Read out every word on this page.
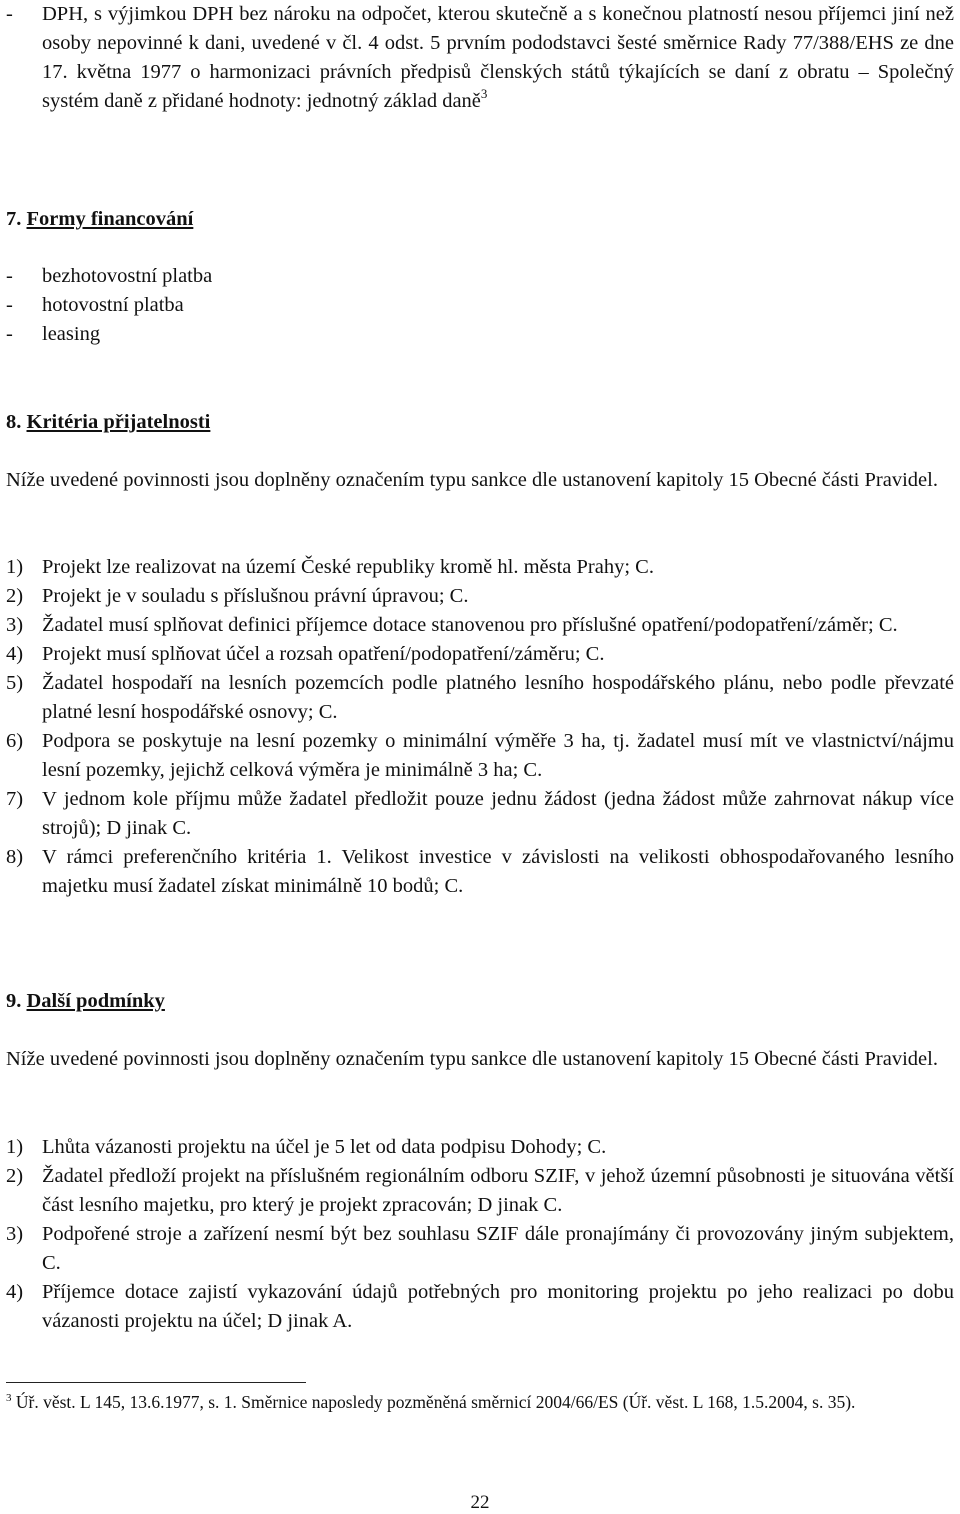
-	DPH, s výjimkou DPH bez nároku na odpočet, kterou skutečně a s konečnou platností nesou příjemci jiní než osoby nepovinné k dani, uvedené v čl. 4 odst. 5 prvním pododstavci šesté směrnice Rady 77/388/EHS ze dne 17. května 1977 o harmonizaci právních předpisů členských států týkajících se daní z obratu – Společný systém daně z přidané hodnoty: jednotný základ daně$^3$
7. Formy financování
-	bezhotovostní platba
-	hotovostní platba
-	leasing
8. Kritéria přijatelnosti
Níže uvedené povinnosti jsou doplněny označením typu sankce dle ustanovení kapitoly 15 Obecné části Pravidel.
1) Projekt lze realizovat na území České republiky kromě hl. města Prahy; C.
2) Projekt je v souladu s příslušnou právní úpravou; C.
3) Žadatel musí splňovat definici příjemce dotace stanovenou pro příslušné opatření/podopatření/záměr; C.
4) Projekt musí splňovat účel a rozsah opatření/podopatření/záměru; C.
5) Žadatel hospodaří na lesních pozemcích podle platného lesního hospodářského plánu, nebo podle převzaté platné lesní hospodářské osnovy; C.
6) Podpora se poskytuje na lesní pozemky o minimální výměře 3 ha, tj. žadatel musí mít ve vlastnictví/nájmu lesní pozemky, jejichž celková výměra je minimálně 3 ha; C.
7) V jednom kole příjmu může žadatel předložit pouze jednu žádost (jedna žádost může zahrnovat nákup více strojů); D jinak C.
8) V rámci preferenčního kritéria 1. Velikost investice v závislosti na velikosti obhospodařovaného lesního majetku musí žadatel získat minimálně 10 bodů; C.
9. Další podmínky
Níže uvedené povinnosti jsou doplněny označením typu sankce dle ustanovení kapitoly 15 Obecné části Pravidel.
1) Lhůta vázanosti projektu na účel je 5 let od data podpisu Dohody; C.
2) Žadatel předloží projekt na příslušném regionálním odboru SZIF, v jehož územní působnosti je situována větší část lesního majetku, pro který je projekt zpracován; D jinak C.
3) Podpořené stroje a zařízení nesmí být bez souhlasu SZIF dále pronajímány či provozovány jiným subjektem, C.
4) Příjemce dotace zajistí vykazování údajů potřebných pro monitoring projektu po jeho realizaci po dobu vázanosti projektu na účel; D jinak A.
$^3$ Úř. věst. L 145, 13.6.1977, s. 1. Směrnice naposledy pozměněná směrnicí 2004/66/ES (Úř. věst. L 168, 1.5.2004, s. 35).
22
